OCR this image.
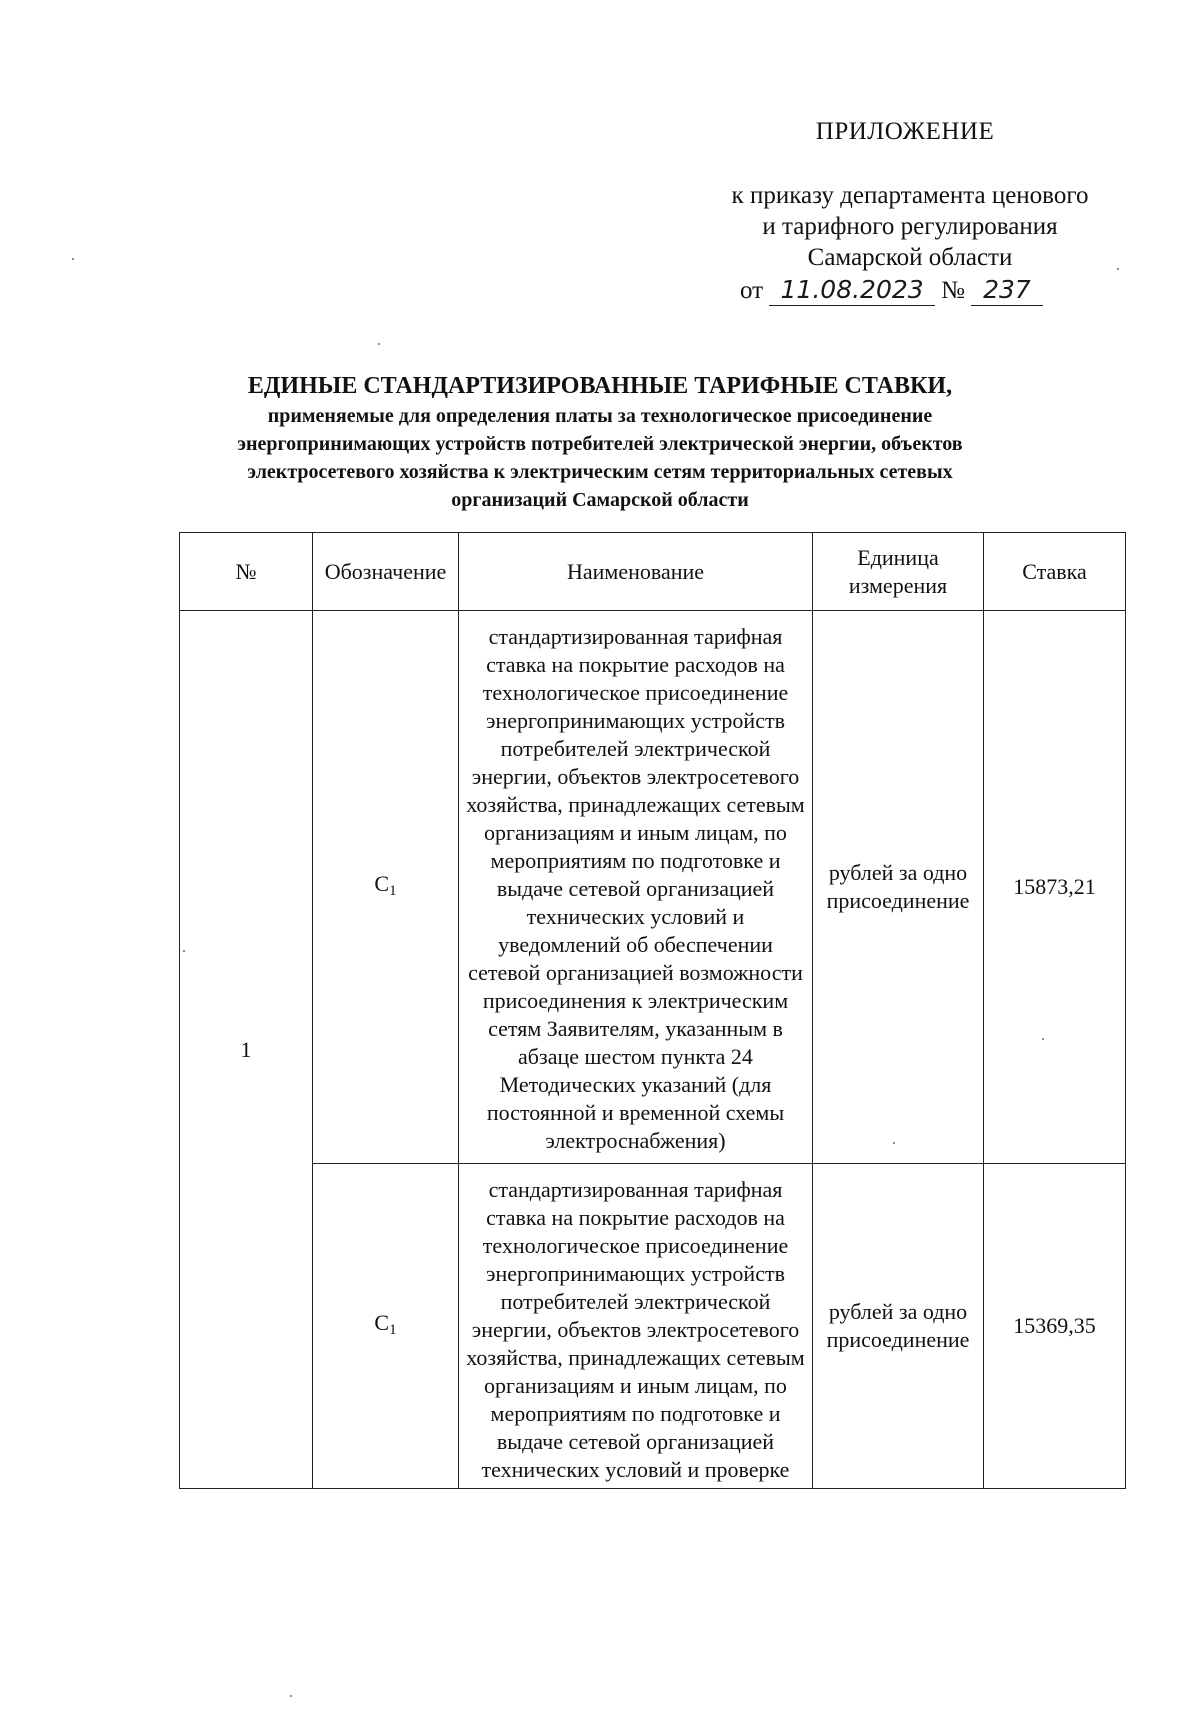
ПРИЛОЖЕНИЕ
к приказу департамента ценового
и тарифного регулирования
Самарской области
от 11.08.2023 № 237
ЕДИНЫЕ СТАНДАРТИЗИРОВАННЫЕ ТАРИФНЫЕ СТАВКИ,
применяемые для определения платы за технологическое присоединение
энергопринимающих устройств потребителей электрической энергии, объектов
электросетевого хозяйства к электрическим сетям территориальных сетевых
организаций Самарской области
№	Обозначение	Наименование	Единица измерения	Ставка
1	C1	стандартизированная тарифная ставка на покрытие расходов на технологическое присоединение энергопринимающих устройств потребителей электрической энергии, объектов электросетевого хозяйства, принадлежащих сетевым организациям и иным лицам, по мероприятиям по подготовке и выдаче сетевой организацией технических условий и уведомлений об обеспечении сетевой организацией возможности присоединения к электрическим сетям Заявителям, указанным в абзаце шестом пункта 24 Методических указаний (для постоянной и временной схемы электроснабжения)	рублей за одно присоединение	15873,21
	C1	стандартизированная тарифная ставка на покрытие расходов на технологическое присоединение энергопринимающих устройств потребителей электрической энергии, объектов электросетевого хозяйства, принадлежащих сетевым организациям и иным лицам, по мероприятиям по подготовке и выдаче сетевой организацией технических условий и проверке	рублей за одно присоединение	15369,35
